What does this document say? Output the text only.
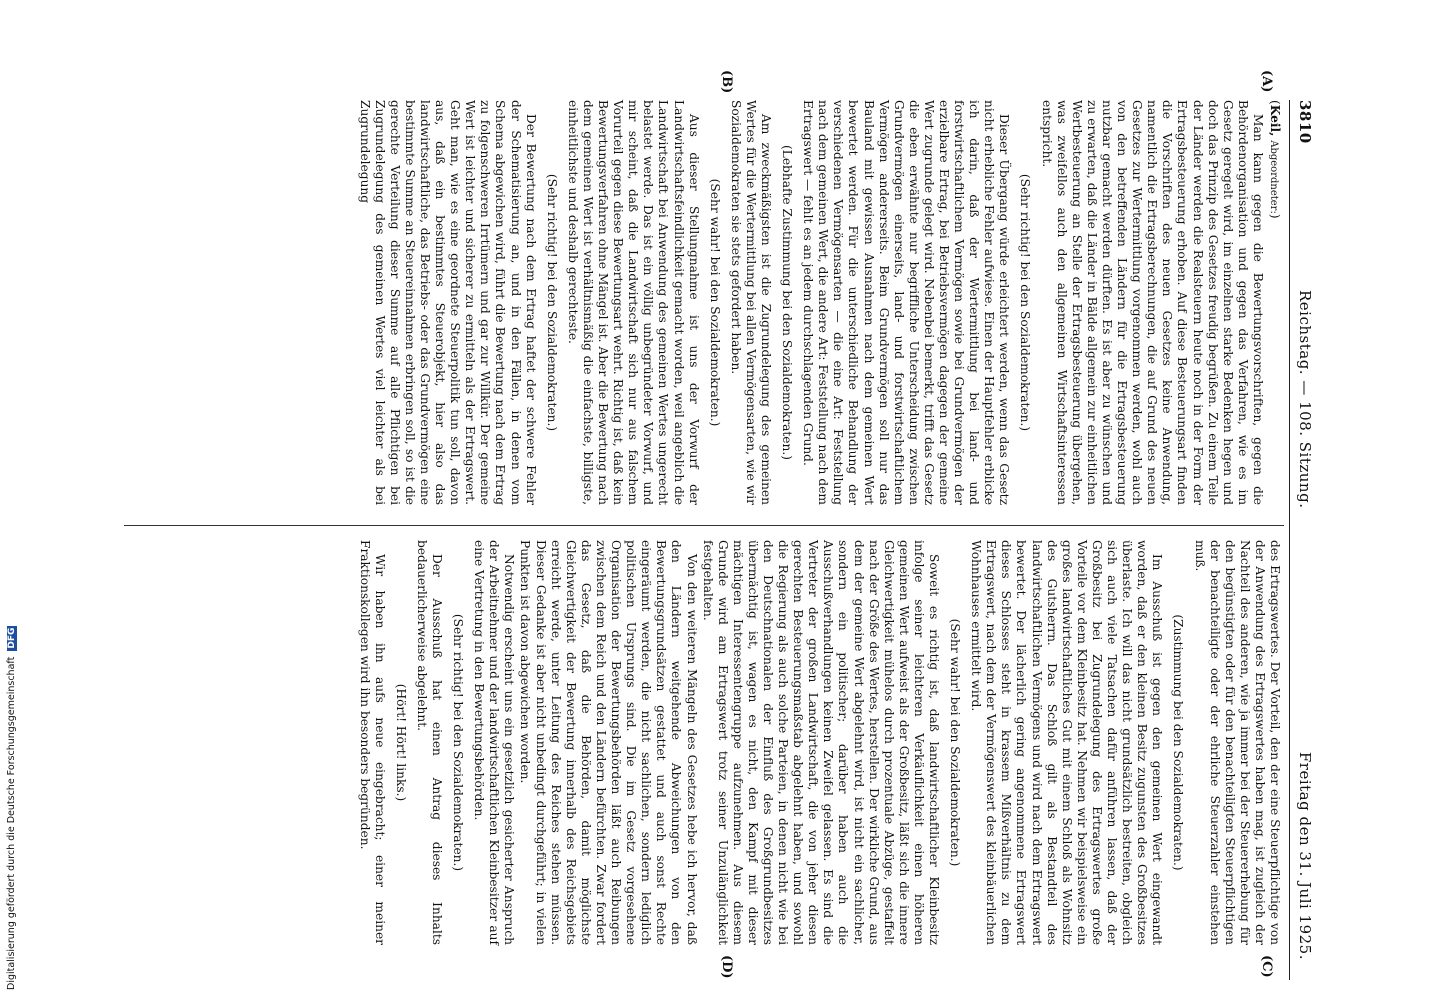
3810
Reichstag. — 108. Sitzung.
Freitag den 31. Juli 1925.
(A)
(B)
(C)
(D)

(Keil, Abgeordneter:)

Man kann gegen die Bewertungsvorschriften, gegen die Behördenorganisation und gegen das Verfahren, wie es im Gesetz geregelt wird, im einzelnen starke Bedenken hegen und doch das Prinzip des Gesetzes freudig begrüßen. Zu einem Teile der Länder werden die Realsteuern heute noch in der Form der Ertragsbesteuerung erhoben. Auf diese Besteuerungsart finden die Vorschriften des neuen Gesetzes keine Anwendung, namentlich die Ertragsberechnungen, die auf Grund des neuen Gesetzes zur Wertermittlung vorgenommen werden, wohl auch von den betreffenden Ländern für die Ertragsbesteuerung nutzbar gemacht werden dürften. Es ist aber zu wünschen und zu erwarten, daß die Länder in Bälde allgemein zur einheitlichen Wertbesteuerung an Stelle der Ertragsbesteuerung übergehen, was zweifellos auch den allgemeinen Wirtschaftsinteressen entspricht.

(Sehr richtig! bei den Sozialdemokraten.)

Dieser Übergang würde erleichtert werden, wenn das Gesetz nicht erhebliche Fehler aufwiese. Einen der Hauptfehler erblicke ich darin, daß der Wertermittlung bei land- und forstwirtschaftlichem Vermögen sowie bei Grundvermögen der erzielbare Ertrag, bei Betriebsvermögen dagegen der gemeine Wert zugrunde gelegt wird. Nebenbei bemerkt, trifft das Gesetz die eben erwähnte nur begriffliche Unterscheidung zwischen Grundvermögen einerseits, land- und forstwirtschaftlichem Vermögen andererseits. Beim Grundvermögen soll nur das Bauland mit gewissen Ausnahmen nach dem gemeinen Wert bewertet werden. Für die unterschiedliche Behandlung der verschiedenen Vermögensarten — die eine Art: Feststellung nach dem gemeinen Wert, die andere Art: Feststellung nach dem Ertragswert — fehlt es an jedem durchschlagenden Grund.

(Lebhafte Zustimmung bei den Sozialdemokraten.)

Am zweckmäßigsten ist die Zugrundelegung des gemeinen Wertes für die Wertermittlung bei allen Vermögensarten, wie wir Sozialdemokraten sie stets gefordert haben.

(Sehr wahr! bei den Sozialdemokraten.)

Aus dieser Stellungnahme ist uns der Vorwurf der Landwirtschaftsfeindlichkeit gemacht worden, weil angeblich die Landwirtschaft bei Anwendung des gemeinen Wertes ungerecht belastet werde. Das ist ein völlig unbegründeter Vorwurf, und mir scheint, daß die Landwirtschaft sich nur aus falschem Vorurteil gegen diese Bewertungsart wehrt. Richtig ist, daß kein Bewertungsverfahren ohne Mängel ist. Aber die Bewertung nach dem gemeinen Wert ist verhältnismäßig die einfachste, billigste, einheitlichste und deshalb gerechteste.

(Sehr richtig! bei den Sozialdemokraten.)

Der Bewertung nach dem Ertrag haftet der schwere Fehler der Schematisierung an, und in den Fällen, in denen vom Schema abgewichen wird, führt die Bewertung nach dem Ertrag zu folgenschweren Irrtümern und gar zur Willkür. Der gemeine Wert ist leichter und sicherer zu ermitteln als der Ertragswert. Geht man, wie es eine geordnete Steuerpolitik tun soll, davon aus, daß ein bestimmtes Steuerobjekt, hier also das landwirtschaftliche, das Betriebs- oder das Grundvermögen eine bestimmte Summe an Steuereinnahmen erbringen soll, so ist die gerechte Verteilung dieser Summe auf alle Pflichtigen bei Zugrundelegung des gemeinen Wertes viel leichter als bei Zugrundelegung

des Ertragswertes. Der Vorteil, den der eine Steuerpflichtige von der Anwendung des Ertragswertes haben mag, ist zugleich der Nachteil des anderen, wie ja immer bei der Steuererhebung für den begünstigten oder für den benachteiligten Steuerpflichtigen der benachteiligte oder der ehrliche Steuerzahler einstehen muß.

(Zustimmung bei den Sozialdemokraten.)

Im Ausschuß ist gegen den gemeinen Wert eingewandt worden, daß er den kleinen Besitz zugunsten des Großbesitzes überlaste. Ich will das nicht grundsätzlich bestreiten, obgleich sich auch viele Tatsachen dafür anführen lassen, daß der Großbesitz bei Zugrundelegung des Ertragswertes große Vorteile vor dem Kleinbesitz hat. Nehmen wir beispielsweise ein großes landwirtschaftliches Gut mit einem Schloß als Wohnsitz des Gutsherrn. Das Schloß gilt als Bestandteil des landwirtschaftlichen Vermögens und wird nach dem Ertragswert bewertet. Der lächerlich gering angenommene Ertragswert dieses Schlosses steht in krassem Mißverhältnis zu dem Ertragswert, nach dem der Vermögenswert des kleinbäuerlichen Wohnhauses ermittelt wird.

(Sehr wahr! bei den Sozialdemokraten.)

Soweit es richtig ist, daß landwirtschaftlicher Kleinbesitz infolge seiner leichteren Verkäuflichkeit einen höheren gemeinen Wert aufweist als der Großbesitz, läßt sich die innere Gleichwertigkeit mühelos durch prozentuale Abzüge, gestaffelt nach der Größe des Wertes, herstellen. Der wirkliche Grund, aus dem der gemeine Wert abgelehnt wird, ist nicht ein sachlicher, sondern ein politischer; darüber haben auch die Ausschußverhandlungen keinen Zweifel gelassen. Es sind die Vertreter der großen Landwirtschaft, die von jeher diesen gerechten Besteuerungsmaßstab abgelehnt haben, und sowohl die Regierung als auch solche Parteien, in denen nicht wie bei den Deutschnationalen der Einfluß des Großgrundbesitzes übermächtig ist, wagen es nicht, den Kampf mit dieser mächtigen Interessentengruppe aufzunehmen. Aus diesem Grunde wird am Ertragswert trotz seiner Unzulänglichkeit festgehalten.

Von den weiteren Mängeln des Gesetzes hebe ich hervor, daß den Ländern weitgehende Abweichungen von den Bewertungsgrundsätzen gestattet und auch sonst Rechte eingeräumt werden, die nicht sachlichen, sondern lediglich politischen Ursprungs sind. Die im Gesetz vorgesehene Organisation der Bewertungsbehörden läßt auch Reibungen zwischen dem Reich und den Ländern befürchten. Zwar fordert das Gesetz, daß die Behörden, damit möglichste Gleichwertigkeit der Bewertung innerhalb des Reichsgebiets erreicht werde, unter Leitung des Reiches stehen müssen. Dieser Gedanke ist aber nicht unbedingt durchgeführt; in vielen Punkten ist davon abgewichen worden.

Notwendig erscheint uns ein gesetzlich gesicherter Anspruch der Arbeitnehmer und der landwirtschaftlichen Kleinbesitzer auf eine Vertretung in den Bewertungsbehörden.

(Sehr richtig! bei den Sozialdemokraten.)

Der Ausschuß hat einen Antrag dieses Inhalts bedauerlicherweise abgelehnt.

(Hört! Hört! links.)

Wir haben ihn aufs neue eingebracht; einer meiner Fraktionskollegen wird ihn besonders begründen.

Digitalisierung gefördert durch die Deutsche Forschungsgemeinschaft DFG
